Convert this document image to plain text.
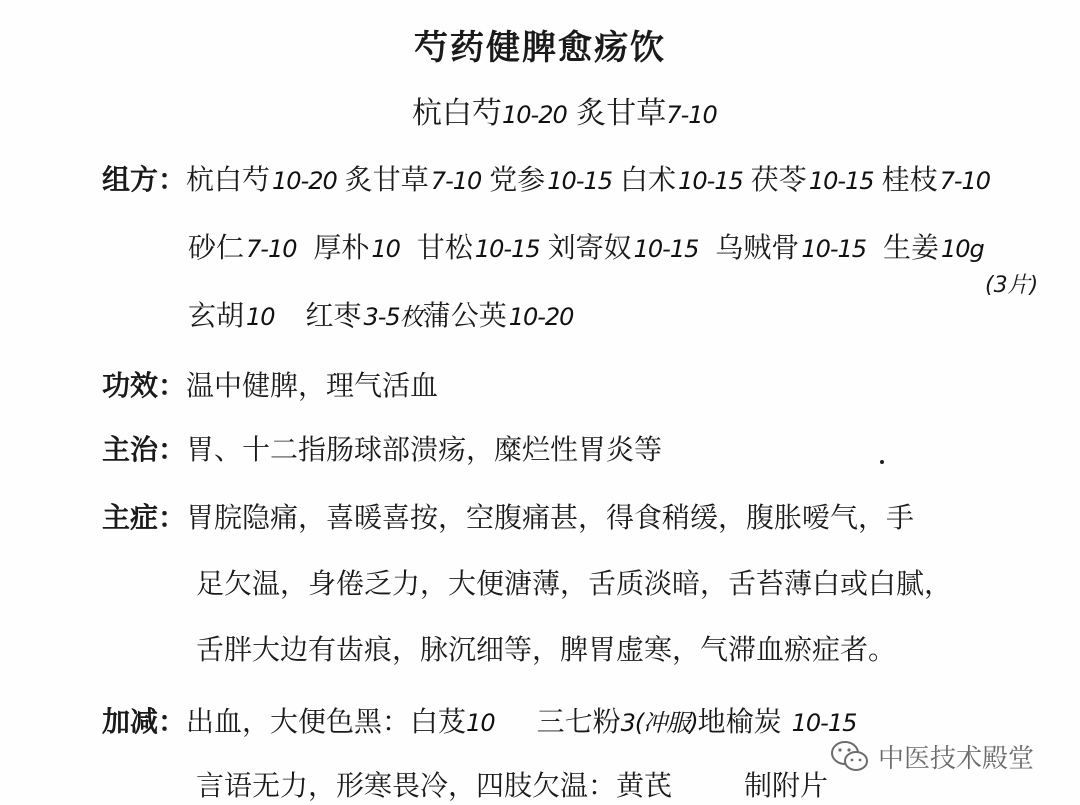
芍药健脾愈疡饮
杭白芍10-20 炙甘草7-10
组方：杭白芍10-20 炙甘草7-10 党参10-15 白术10-15 茯苓10-15 桂枝7-10
砂仁7-10 厚朴10 甘松10-15 刘寄奴10-15 乌贼骨10-15 生姜10g
(3片)
玄胡10 红枣3-5枚蒲公英10-20
功效：温中健脾，理气活血
主治：胃、十二指肠球部溃疡，糜烂性胃炎等
主症：胃脘隐痛，喜暖喜按，空腹痛甚，得食稍缓，腹胀嗳气，手
足欠温，身倦乏力，大便溏薄，舌质淡暗，舌苔薄白或白腻，
舌胖大边有齿痕，脉沉细等，脾胃虚寒，气滞血瘀症者。
加减：出血，大便色黑：白芨10 三七粉3(冲服)地榆炭 10-15
言语无力，形寒畏冷，四肢欠温：黄芪	制附片
中医技术殿堂
